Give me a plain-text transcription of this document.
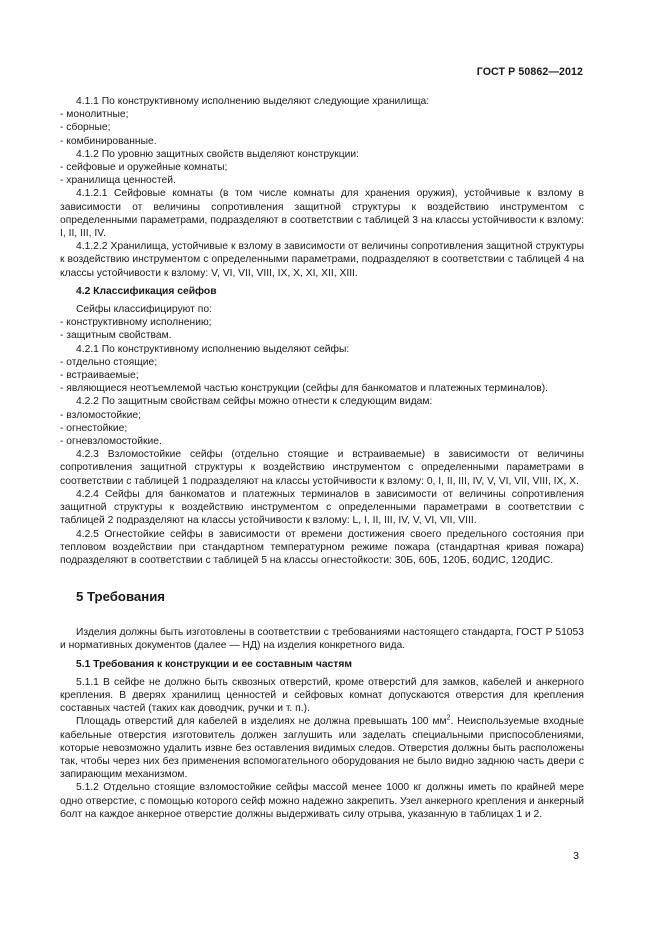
ГОСТ Р 50862—2012

4.1.1 По конструктивному исполнению выделяют следующие хранилища:

- монолитные;

- сборные;

- комбинированные.

4.1.2 По уровню защитных свойств выделяют конструкции:

- сейфовые и оружейные комнаты;

- хранилища ценностей.

4.1.2.1 Сейфовые комнаты (в том числе комнаты для хранения оружия), устойчивые к взлому в зависимости от величины сопротивления защитной структуры к воздействию инструментом с определенными параметрами, подразделяют в соответствии с таблицей 3 на классы устойчивости к взлому: I, II, III, IV.

4.1.2.2 Хранилища, устойчивые к взлому в зависимости от величины сопротивления защитной структуры к воздействию инструментом с определенными параметрами, подразделяют в соответствии с таблицей 4 на классы устойчивости к взлому: V, VI, VII, VIII, IX, X, XI, XII, XIII.

4.2 Классификация сейфов

Сейфы классифицируют по:

- конструктивному исполнению;

- защитным свойствам.

4.2.1 По конструктивному исполнению выделяют сейфы:

- отдельно стоящие;

- встраиваемые;

- являющиеся неотъемлемой частью конструкции (сейфы для банкоматов и платежных терминалов).

4.2.2 По защитным свойствам сейфы можно отнести к следующим видам:

- взломостойкие;

- огнестойкие;

- огневзломостойкие.

4.2.3 Взломостойкие сейфы (отдельно стоящие и встраиваемые) в зависимости от величины сопротивления защитной структуры к воздействию инструментом с определенными параметрами в соответствии с таблицей 1 подразделяют на классы устойчивости к взлому: 0, I, II, III, IV, V, VI, VII, VIII, IX, X.

4.2.4 Сейфы для банкоматов и платежных терминалов в зависимости от величины сопротивления защитной структуры к воздействию инструментом с определенными параметрами в соответствии с таблицей 2 подразделяют на классы устойчивости к взлому: L, I, II, III, IV, V, VI, VII, VIII.

4.2.5 Огнестойкие сейфы в зависимости от времени достижения своего предельного состояния при тепловом воздействии при стандартном температурном режиме пожара (стандартная кривая пожара) подразделяют в соответствии с таблицей 5 на классы огнестойкости: 30Б, 60Б, 120Б, 60ДИС, 120ДИС.

5 Требования

Изделия должны быть изготовлены в соответствии с требованиями настоящего стандарта, ГОСТ Р 51053 и нормативных документов (далее — НД) на изделия конкретного вида.

5.1 Требования к конструкции и ее составным частям

5.1.1 В сейфе не должно быть сквозных отверстий, кроме отверстий для замков, кабелей и анкерного крепления. В дверях хранилищ ценностей и сейфовых комнат допускаются отверстия для крепления составных частей (таких как доводчик, ручки и т. п.).

Площадь отверстий для кабелей в изделиях не должна превышать 100 $мм^2$. Неиспользуемые входные кабельные отверстия изготовитель должен заглушить или заделать специальными приспособлениями, которые невозможно удалить извне без оставления видимых следов. Отверстия должны быть расположены так, чтобы через них без применения вспомогательного оборудования не было видно заднюю часть двери с запирающим механизмом.

5.1.2 Отдельно стоящие взломостойкие сейфы массой менее 1000 кг должны иметь по крайней мере одно отверстие, с помощью которого сейф можно надежно закрепить. Узел анкерного крепления и анкерный болт на каждое анкерное отверстие должны выдерживать силу отрыва, указанную в таблицах 1 и 2.

3
